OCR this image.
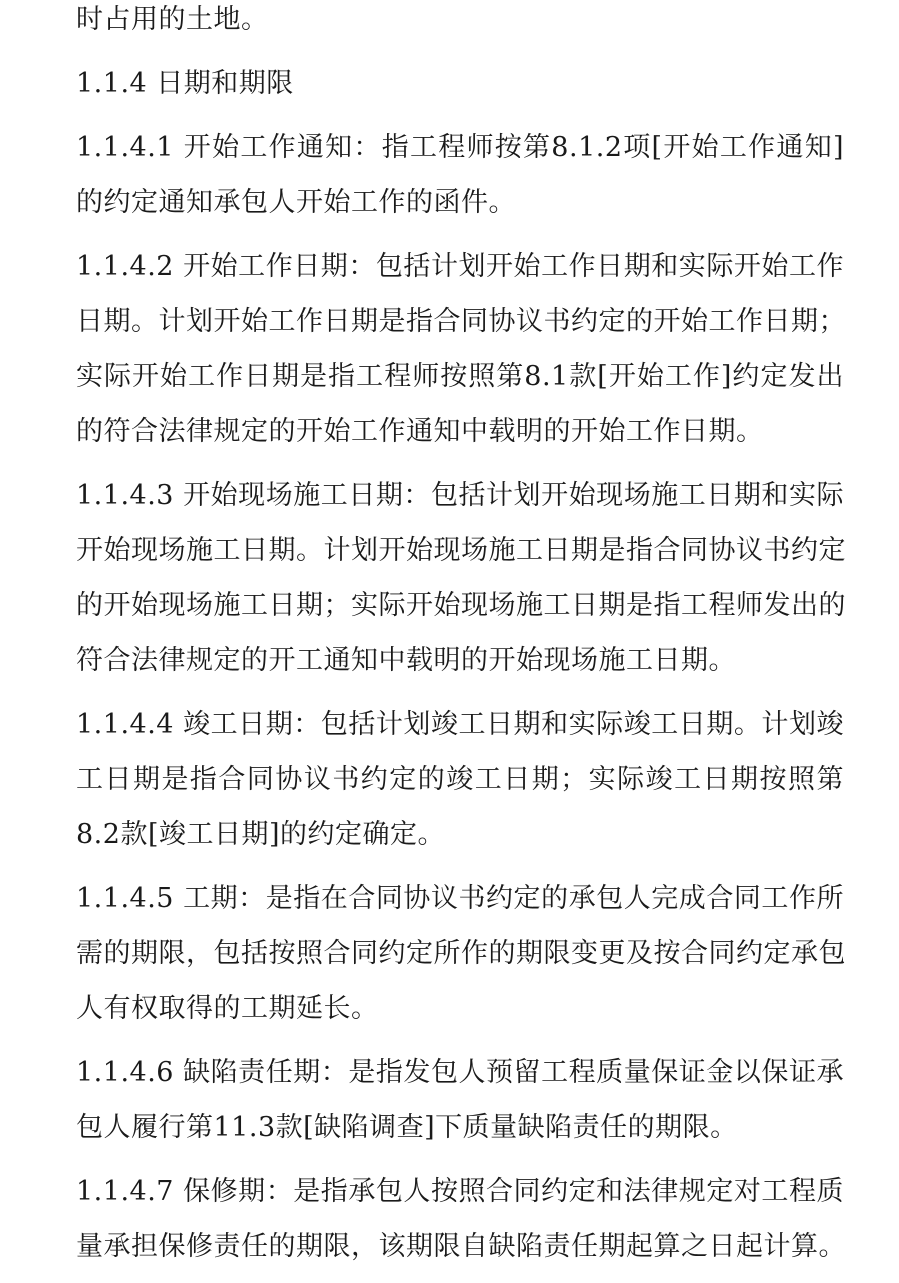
时占用的土地。
1.1.4 日期和期限
1.1.4.1 开始工作通知：指工程师按第8.1.2项[开始工作通知]
的约定通知承包人开始工作的函件。
1.1.4.2 开始工作日期：包括计划开始工作日期和实际开始工作
日期。计划开始工作日期是指合同协议书约定的开始工作日期；
实际开始工作日期是指工程师按照第8.1款[开始工作]约定发出
的符合法律规定的开始工作通知中载明的开始工作日期。
1.1.4.3 开始现场施工日期：包括计划开始现场施工日期和实际
开始现场施工日期。计划开始现场施工日期是指合同协议书约定
的开始现场施工日期；实际开始现场施工日期是指工程师发出的
符合法律规定的开工通知中载明的开始现场施工日期。
1.1.4.4 竣工日期：包括计划竣工日期和实际竣工日期。计划竣
工日期是指合同协议书约定的竣工日期；实际竣工日期按照第
8.2款[竣工日期]的约定确定。
1.1.4.5 工期：是指在合同协议书约定的承包人完成合同工作所
需的期限，包括按照合同约定所作的期限变更及按合同约定承包
人有权取得的工期延长。
1.1.4.6 缺陷责任期：是指发包人预留工程质量保证金以保证承
包人履行第11.3款[缺陷调查]下质量缺陷责任的期限。
1.1.4.7 保修期：是指承包人按照合同约定和法律规定对工程质
量承担保修责任的期限，该期限自缺陷责任期起算之日起计算。
